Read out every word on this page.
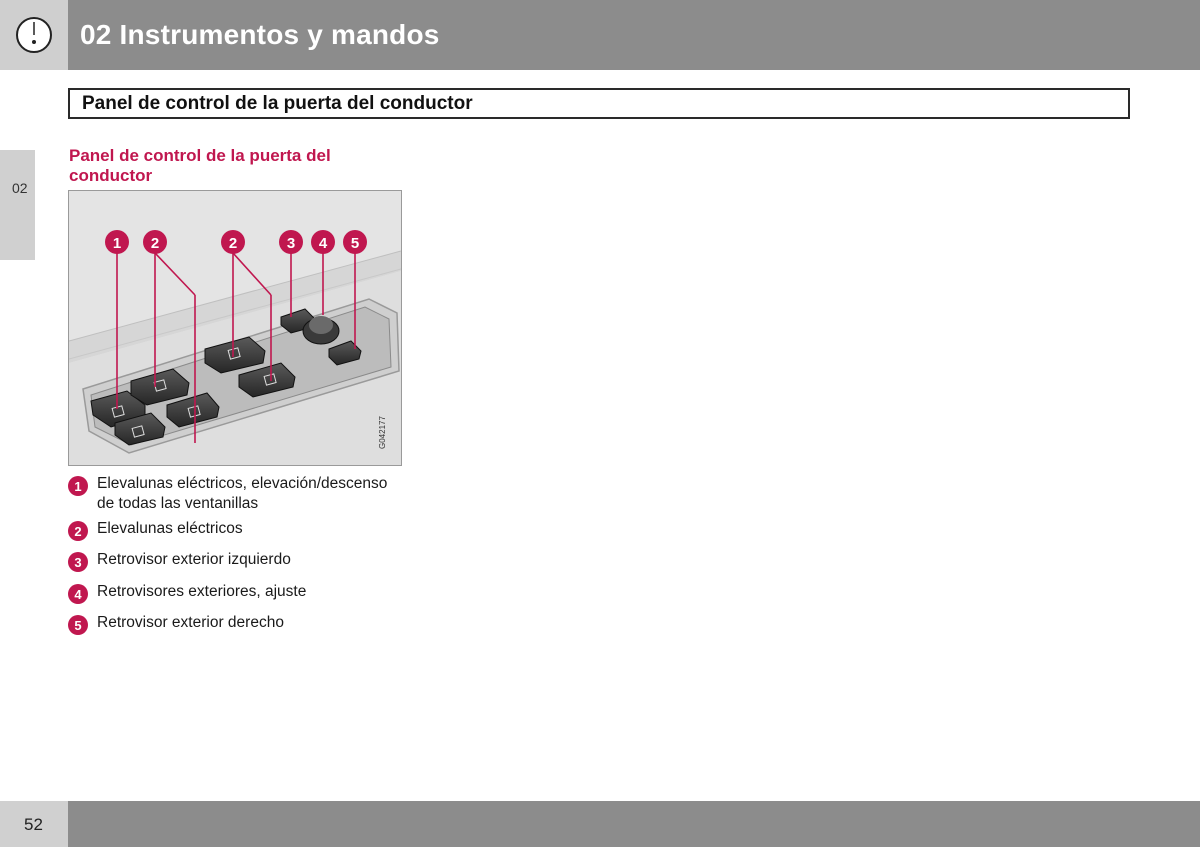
02 Instrumentos y mandos
02
Panel de control de la puerta del conductor
Panel de control de la puerta del conductor
1 2	2	3 4 5
G042177
1 Elevalunas eléctricos, elevación/descenso de todas las ventanillas
2 Elevalunas eléctricos
3 Retrovisor exterior izquierdo
4 Retrovisores exteriores, ajuste
5 Retrovisor exterior derecho
52
